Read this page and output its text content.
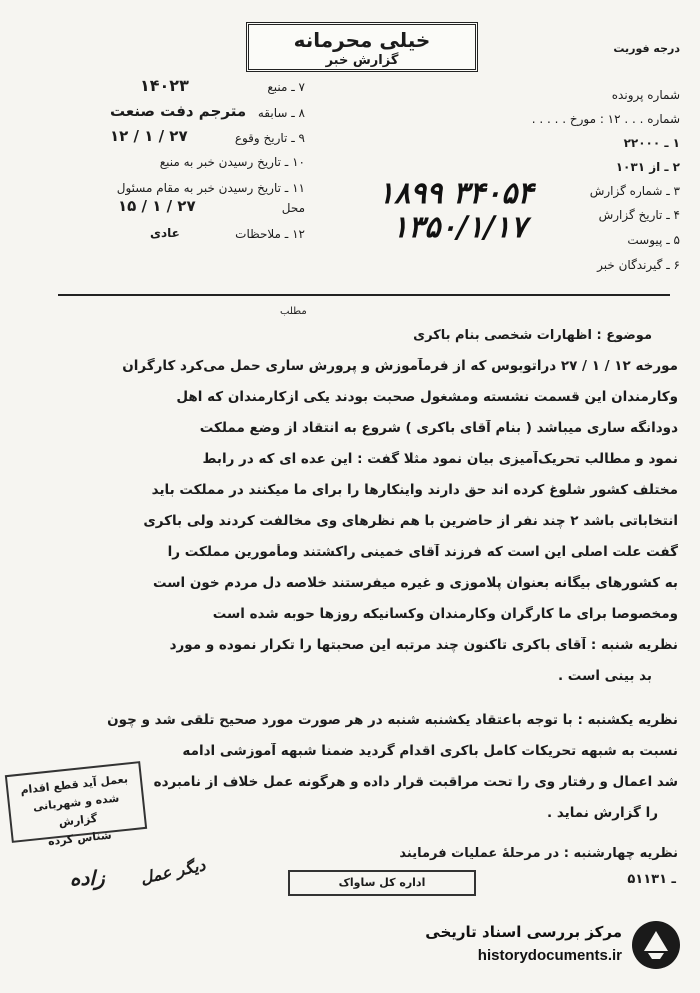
درجه فوریت
خیلی محرمانه
گزارش خبر
۷ ـ منبع
۱۴۰۲۳
۸ ـ سابقه
مترجم دفت صنعت
۹ ـ تاریخ وقوع
۱۲ / ۱ / ۲۷
۱۰ ـ تاریخ رسیدن خبر به منبع
۱۱ ـ تاریخ رسیدن خبر به مقام مسئول
محل
۱۵ / ۱ / ۲۷
۱۲ ـ ملاحظات
عادی
شماره پرونده
شماره . . . ۱۲ : مورخ . . . . .
۱ ـ ۲۲۰۰۰
۲ ـ از ۱۰۳۱
۳ ـ شماره گزارش
۴ ـ تاریخ گزارش
۵ ـ پیوست
۶ ـ گیرندگان خبر
۳۴۰۵۴ ۱۸۹۹
۱۳۵۰/۱/۱۷
مطلب
موضوع : اظهارات شخصی بنام باکری
مورخه ۱۲ / ۱ / ۲۷ دراتوبوس که از فرمآموزش و پرورش ساری حمل می‌کرد کارگران
وکارمندان این قسمت نشسته ومشغول صحبت بودند یکی ازکارمندان که اهل
دودانگه ساری میباشد ( بنام آقای باکری ) شروع به انتقاد از وضع مملکت
نمود و مطالب تحریک‌آمیزی بیان نمود مثلا گفت : این عده ای که در رابط
مختلف کشور شلوغ کرده اند حق دارند واینکارها را برای ما میکنند در مملکت باید
انتخاباتی باشد ۲ چند نفر از حاضرین با هم نظرهای وی مخالفت کردند ولی باکری
گفت علت اصلی این است که فرزند آقای خمینی راکشتند ومأمورین مملکت را
به کشورهای بیگانه بعنوان پلاموزی و غیره میفرستند خلاصه دل مردم خون است
ومخصوصا برای ما کارگران وکارمندان وکسانیکه روزها حوبه شده است
نظریه شنبه : آقای باکری تاکنون چند مرتبه این صحبتها را تکرار نموده و مورد
بد بینی است .
نظریه یکشنبه : با توجه باعتقاد یکشنبه شنبه در هر صورت مورد صحیح تلقی شد و چون
نسبت به شبهه تحریکات کامل باکری اقدام گردید ضمنا شبهه آموزشی ادامه
شد اعمال و رفتار وی را تحت مراقبت قرار داده و هرگونه عمل خلاف از نامبرده
را گزارش نماید .
بعمل آید قطع اقدام
شده و شهربانی گزارش
شناس کرده
نظریه چهارشنبه : در مرحلهٔ عملیات فرمایند
۵۱ـ ۱۳۱
اداره کل ساواک
زاده دیگر عمل
مرکز بررسی اسناد تاریخی
historydocuments.ir
